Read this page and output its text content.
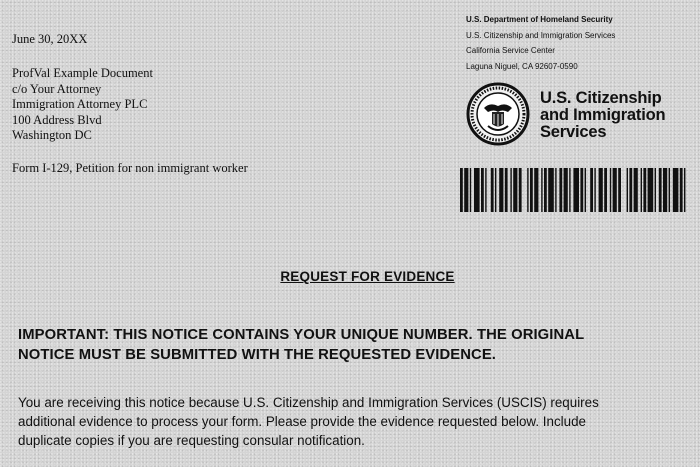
June 30, 20XX
ProfVal Example Document
c/o Your Attorney
Immigration Attorney PLC
100 Address Blvd
Washington DC
Form I-129, Petition for non immigrant worker
U.S. Department of Homeland Security
U.S. Citizenship and Immigration Services
California Service Center
Laguna Niguel, CA 92607-0590
U.S. Citizenship
and Immigration
Services
REQUEST FOR EVIDENCE
IMPORTANT: THIS NOTICE CONTAINS YOUR UNIQUE NUMBER. THE ORIGINAL
NOTICE MUST BE SUBMITTED WITH THE REQUESTED EVIDENCE.
You are receiving this notice because U.S. Citizenship and Immigration Services (USCIS) requires
additional evidence to process your form. Please provide the evidence requested below. Include
duplicate copies if you are requesting consular notification.
